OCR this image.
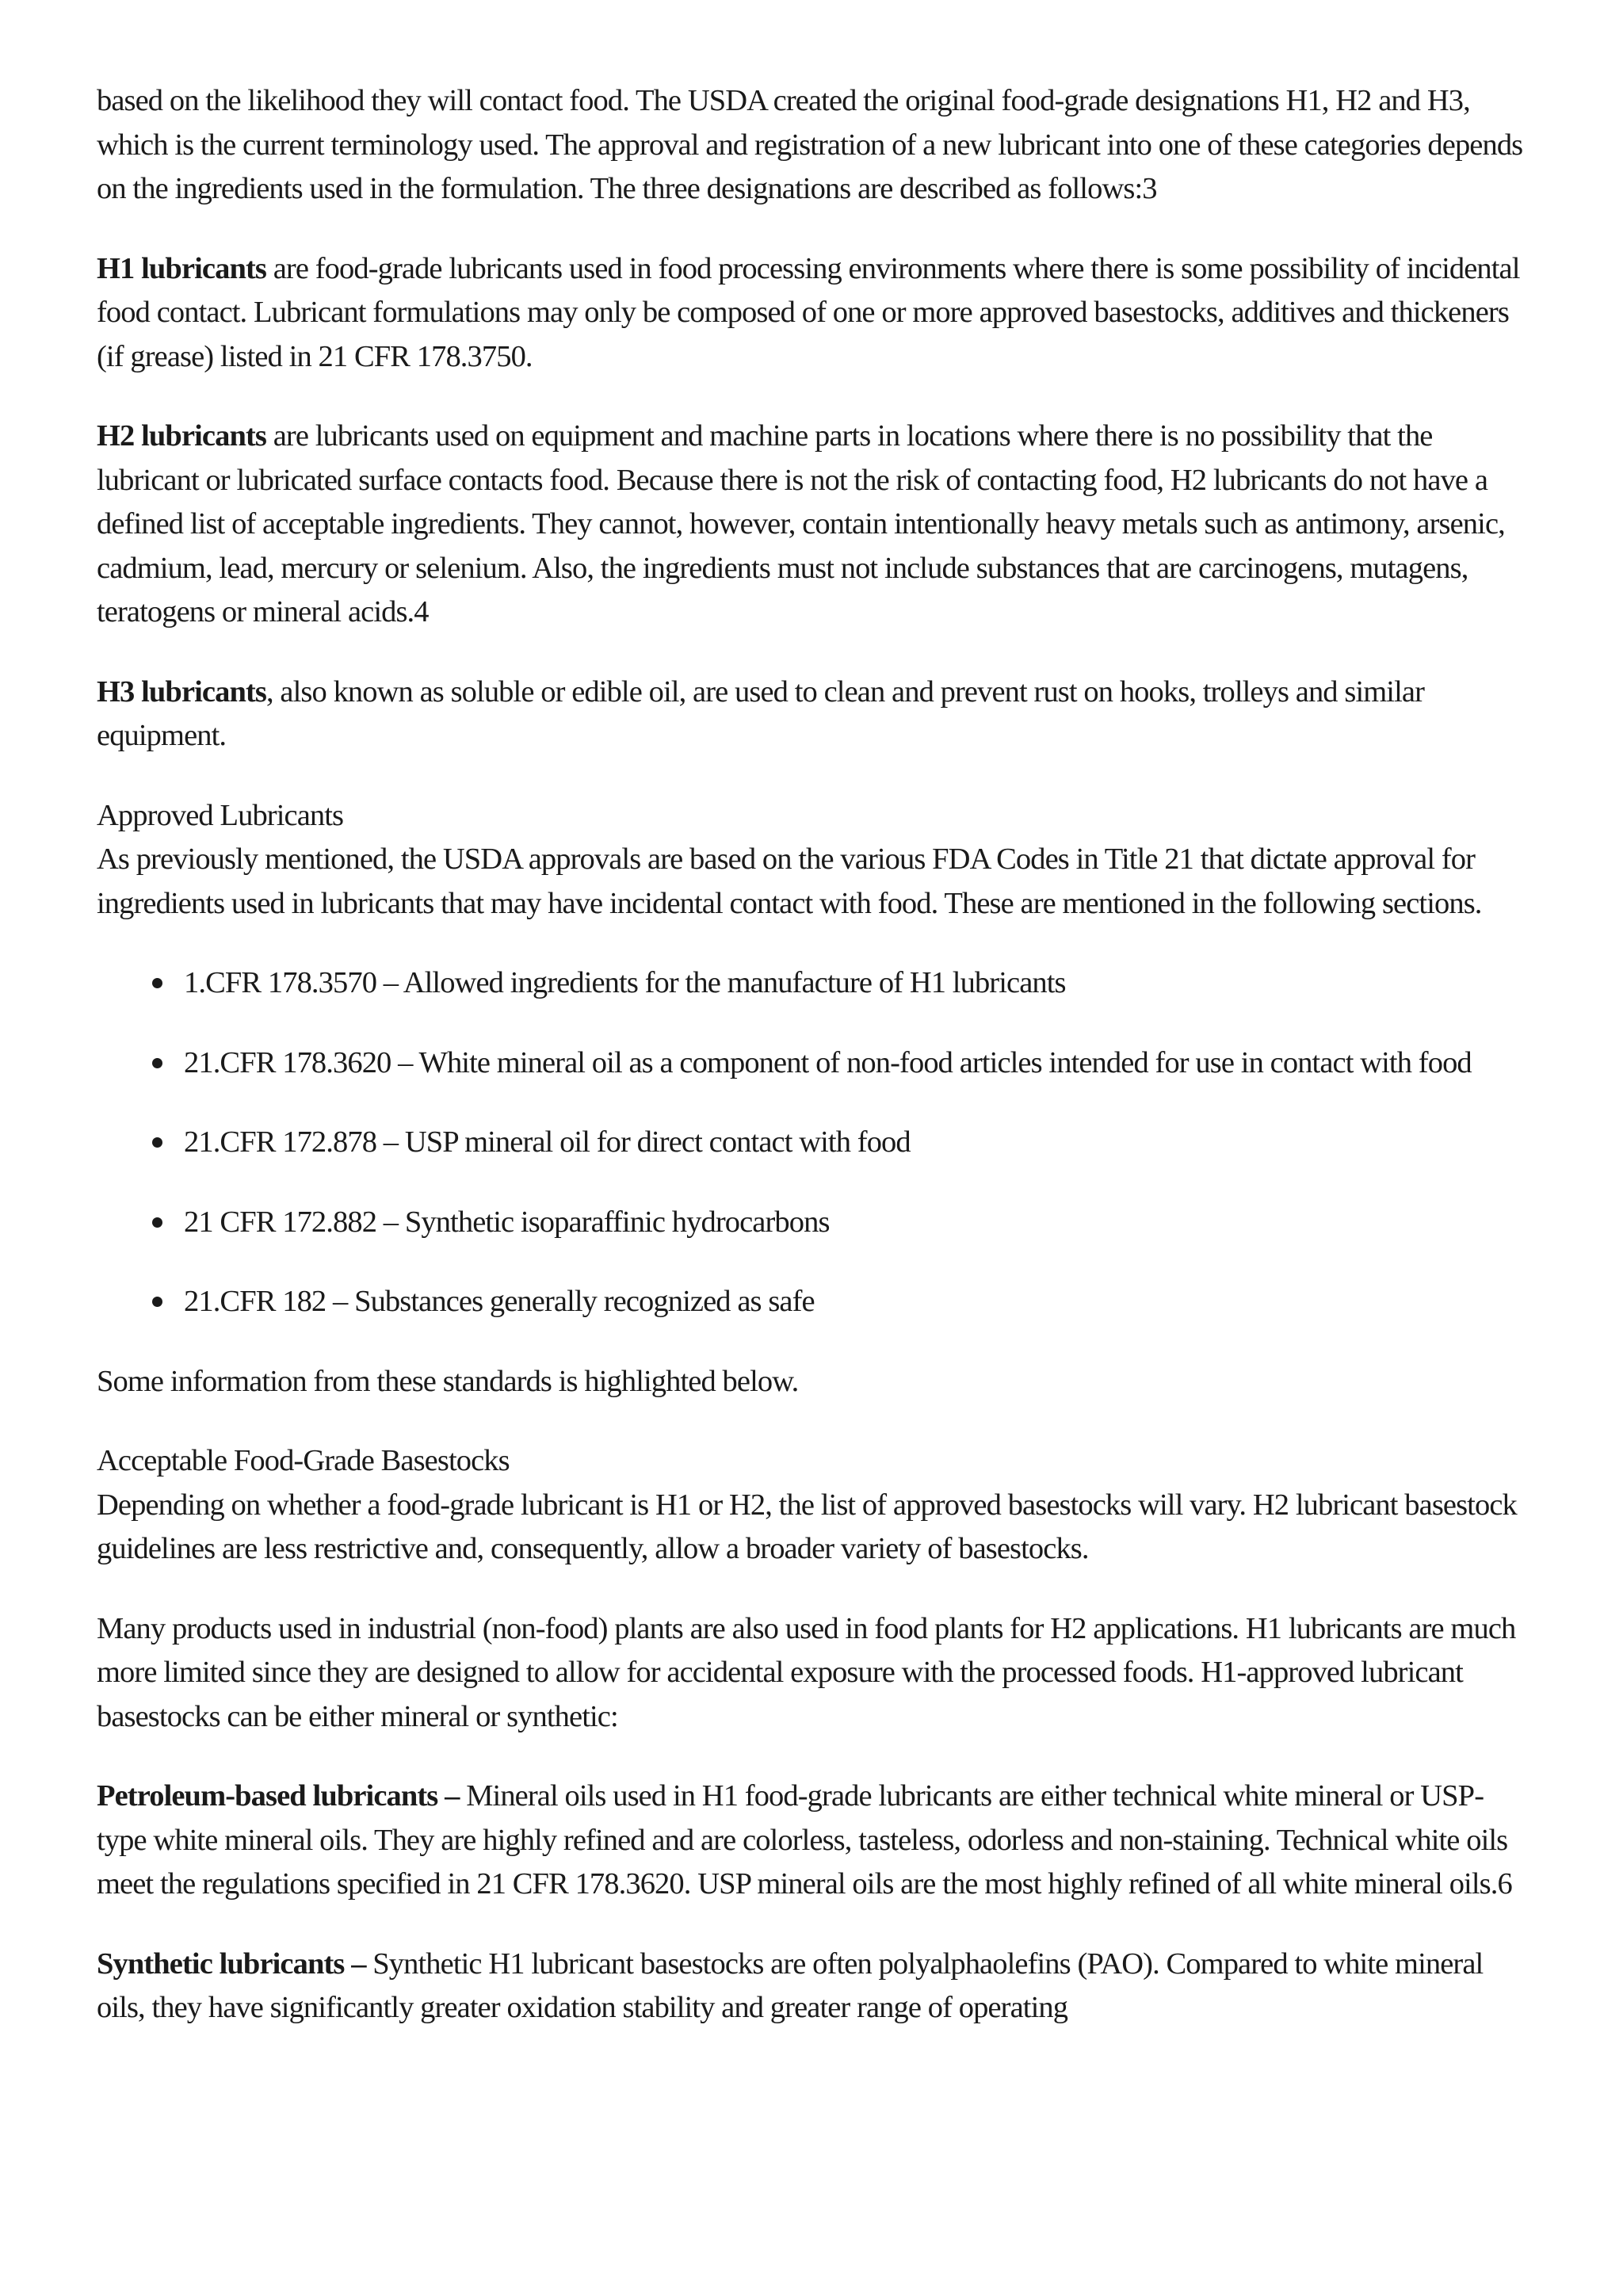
based on the likelihood they will contact food. The USDA created the original food-grade designations H1, H2 and H3, which is the current terminology used. The approval and registration of a new lubricant into one of these categories depends on the ingredients used in the formulation. The three designations are described as follows:3

H1 lubricants are food-grade lubricants used in food processing environments where there is some possibility of incidental food contact. Lubricant formulations may only be composed of one or more approved basestocks, additives and thickeners (if grease) listed in 21 CFR 178.3750.

H2 lubricants are lubricants used on equipment and machine parts in locations where there is no possibility that the lubricant or lubricated surface contacts food. Because there is not the risk of contacting food, H2 lubricants do not have a defined list of acceptable ingredients. They cannot, however, contain intentionally heavy metals such as antimony, arsenic, cadmium, lead, mercury or selenium. Also, the ingredients must not include substances that are carcinogens, mutagens, teratogens or mineral acids.4

H3 lubricants, also known as soluble or edible oil, are used to clean and prevent rust on hooks, trolleys and similar equipment.

Approved Lubricants
As previously mentioned, the USDA approvals are based on the various FDA Codes in Title 21 that dictate approval for ingredients used in lubricants that may have incidental contact with food. These are mentioned in the following sections.
1.CFR 178.3570 – Allowed ingredients for the manufacture of H1 lubricants
21.CFR 178.3620 – White mineral oil as a component of non-food articles intended for use in contact with food
21.CFR 172.878 – USP mineral oil for direct contact with food
21 CFR 172.882 – Synthetic isoparaffinic hydrocarbons
21.CFR 182 – Substances generally recognized as safe

Some information from these standards is highlighted below.

Acceptable Food-Grade Basestocks
Depending on whether a food-grade lubricant is H1 or H2, the list of approved basestocks will vary. H2 lubricant basestock guidelines are less restrictive and, consequently, allow a broader variety of basestocks.

Many products used in industrial (non-food) plants are also used in food plants for H2 applications. H1 lubricants are much more limited since they are designed to allow for accidental exposure with the processed foods. H1-approved lubricant basestocks can be either mineral or synthetic:

Petroleum-based lubricants – Mineral oils used in H1 food-grade lubricants are either technical white mineral or USP-type white mineral oils. They are highly refined and are colorless, tasteless, odorless and non-staining. Technical white oils meet the regulations specified in 21 CFR 178.3620. USP mineral oils are the most highly refined of all white mineral oils.6

Synthetic lubricants – Synthetic H1 lubricant basestocks are often polyalphaolefins (PAO). Compared to white mineral oils, they have significantly greater oxidation stability and greater range of operating
